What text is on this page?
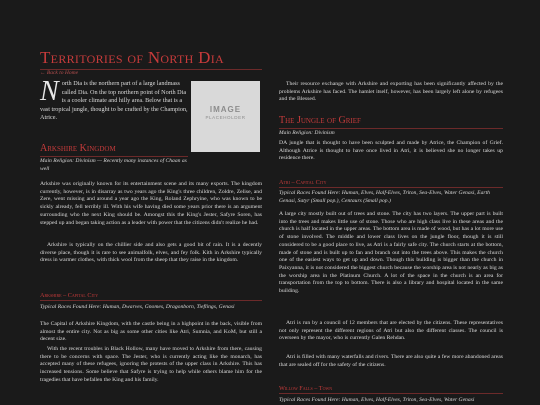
Territories of North Dia
← Back to Home
N orth Dia is the northern part of a large landmass called Dia. On the top northern point of North Dia is a cooler climate and hilly area. Below that is a vast tropical jungle, thought to be crafted by the Champion, Atrice.
IMAGE
PLACEHOLDER
Arkshire Kingdom
Main Religion: Divinism — Recently many instances of Chaan as well

Arkshire was originally known for its entertainment scene and its many exports. The kingdom currently, however, is in disarray as two years ago the King's three children, Zoldre, Zelise, and Zere, went missing and around a year ago the King, Roland Zephryine, who was known to be sickly already, fell terribly ill. With his wife having died some years prior there is an argument surrounding who the next King should be. Amongst this the King's Jester, Safyre Soren, has stepped up and began taking action as a leader with power that the citizens didn't realize he had.

Arkshire is typically on the chillier side and also gets a good bit of rain. It is a decently diverse place, though it is rare to see animalfolk, elves, and fey folk. Kith in Arkshire typically dress in warmer clothes, with thick wool from the sheep that they raise in the kingdom.

Arkshire – Capital City
Typical Races Found Here: Human, Dwarves, Gnomes, Dragonborn, Tieflings, Genasi

The Capital of Arkshire Kingdom, with the castle being in a highpoint in the back, visible from almost the entire city. Not as big as some other cities like Atri, Sumnia, and KoM, but still a decent size.

With the recent troubles in Black Hollow, many have moved to Arkshire from there, causing there to be concerns with space. The Jester, who is currently acting like the monarch, has accepted many of these refugees, ignoring the protests of the upper class in Arkshire. This has increased tensions. Some believe that Safyre is trying to help while others blame him for the tragedies that have befallen the King and his family.

Their resource exchange with Arkshire and exporting has been significantly affected by the problems Arkshire has faced. The hamlet itself, however, has been largely left alone by refugees and the Blessed.

The Jungle of Grief
Main Religion: Divinism

DA jungle that is thought to have been sculpted and made by Atrice, the Champion of Grief. Although Atrice is thought to have once lived in Atri, it is believed she no longer takes up residence there.

Atri – Capital City
Typical Races Found Here: Human, Elves, Half-Elves, Triton, Sea-Elves, Water Genasi, Earth Genasi, Satyr (Small pop.), Centaurs (Small pop.)

A large city mostly built out of trees and stone. The city has two layers. The upper part is built into the trees and makes little use of stone. Those who are high class live in these areas and the church is half located in the upper areas. The bottom area is made of wood, but has a lot more use of stone involved. The middle and lower class lives on the jungle floor, though it is still considered to be a good place to live, as Atri is a fairly safe city. The church starts at the bottom, made of stone and is built up to fan and branch out into the trees above. This makes the church one of the easiest ways to get up and down. Though this building is bigger than the church in Paixyanna, it is not considered the biggest church because the worship area is not nearly as big as the worship area in the Platinum Church. A lot of the space in the church is an area for transportation from the top to bottom. There is also a library and hospital located in the same building.

Atri is run by a council of 12 members that are elected by the citizens. These representatives not only represent the different regions of Atri but also the different classes. The council is overseen by the mayor, who is currently Galen Rehdan.

Atri is filled with many waterfalls and rivers. There are also quite a few more abandoned areas that are sealed off for the safety of the citizens.

Willow Falls – Town
Typical Races Found Here: Human, Elves, Half-Elves, Triton, Sea-Elves, Water Genasi
